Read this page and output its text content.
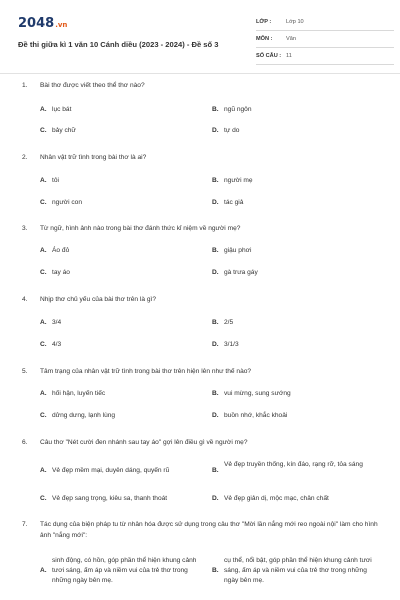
2048.vn
Đề thi giữa kì 1 văn 10 Cánh diều (2023 - 2024) - Đề số 3
LỚP :	Lớp 10
MÔN :	Văn
SỐ CÂU : 11
1.	Bài thơ được viết theo thể thơ nào?
A. lục bát	B. ngũ ngôn
C. bảy chữ	D. tự do
2.	Nhân vật trữ tình trong bài thơ là ai?
A. tôi	B. người mẹ
C. người con	D. tác giả
3.	Từ ngữ, hình ảnh nào trong bài thơ đánh thức kỉ niệm về người mẹ?
A. Áo đỏ	B. giậu phơi
C. tay áo	D. gà trưa gáy
4.	Nhịp thơ chủ yếu của bài thơ trên là gì?
A. 3/4	B. 2/5
C. 4/3	D. 3/1/3
5.	Tâm trạng của nhân vật trữ tình trong bài thơ trên hiện lên như thế nào?
A. hối hận, luyến tiếc	B. vui mừng, sung sướng
C. dửng dưng, lạnh lùng	D. buồn nhớ, khắc khoải
6.	Câu thơ "Nét cười đen nhánh sau tay áo" gợi lên điều gì về người mẹ?
A. Vẻ đẹp mềm mại, duyên dáng, quyến rũ	B.
Vẻ đẹp truyền thống, kín đáo, rạng rỡ, tỏa sáng
C. Vẻ đẹp sang trọng, kiêu sa, thanh thoát	D. Vẻ đẹp giản dị, mộc mạc, chân chất
7.	Tác dụng của biện pháp tu từ nhân hóa được sử dụng trong câu thơ "Mời lần nắng mới reo ngoài nội" làm cho hình ảnh "nắng mới":
A.
sinh động, có hồn, góp phần thể hiện khung cảnh tươi sáng, ấm áp và niềm vui của trẻ thơ trong những ngày bên mẹ.
B.
cụ thể, nổi bật, góp phần thể hiện khung cảnh tươi sáng, ấm áp và niềm vui của trẻ thơ trong những ngày bên mẹ.
